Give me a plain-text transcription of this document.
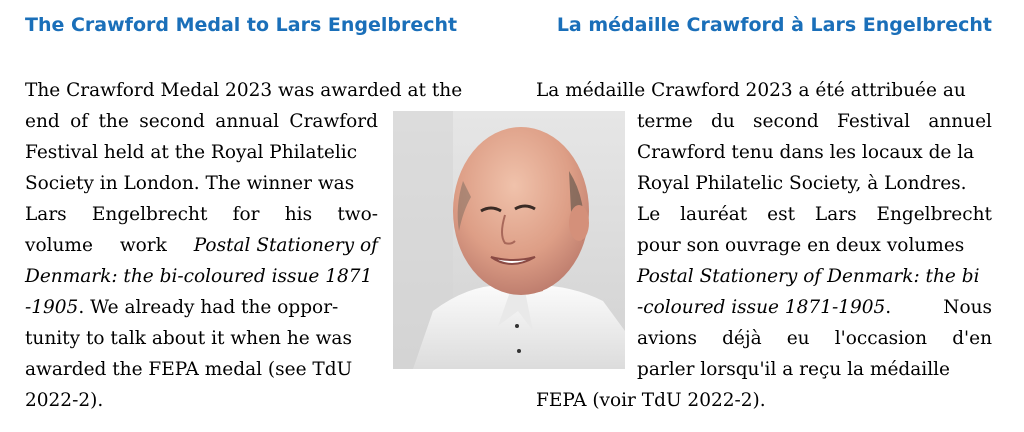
The Crawford Medal to Lars Engelbrecht	La médaille Crawford à Lars Engelbrecht
The Crawford Medal 2023 was awarded at the
end of the second annual Crawford
Festival held at the Royal Philatelic
Society in London. The winner was
Lars Engelbrecht for his two-
volume work Postal Stationery of
Denmark: the bi-coloured issue 1871
-1905. We already had the oppor-
tunity to talk about it when he was
awarded the FEPA medal (see TdU
2022-2).
La médaille Crawford 2023 a été attribuée au
terme du second Festival annuel
Crawford tenu dans les locaux de la
Royal Philatelic Society, à Londres.
Le lauréat est Lars Engelbrecht
pour son ouvrage en deux volumes
Postal Stationery of Denmark: the bi
-coloured issue 1871-1905.	Nous
avions déjà eu l'occasion d'en
parler lorsqu'il a reçu la médaille
FEPA (voir TdU 2022-2).
